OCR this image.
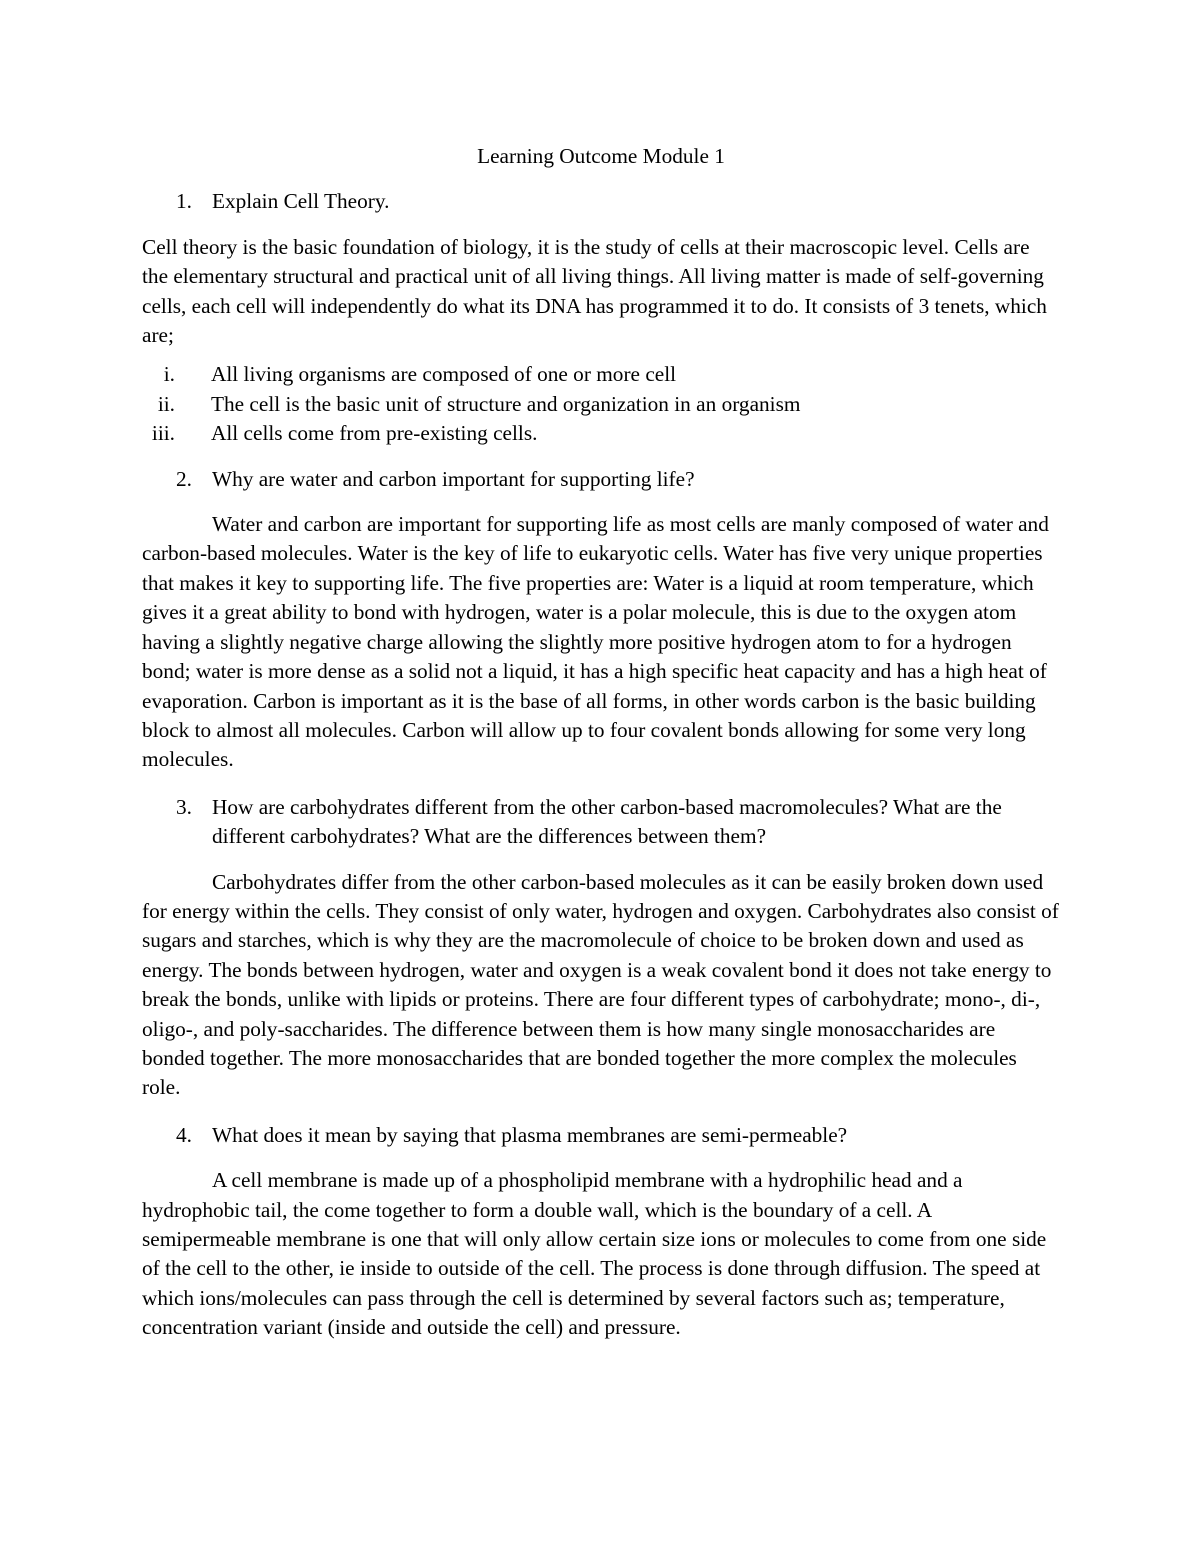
Learning Outcome Module 1
1. Explain Cell Theory.

Cell theory is the basic foundation of biology, it is the study of cells at their macroscopic level. Cells are the elementary structural and practical unit of all living things. All living matter is made of self-governing cells, each cell will independently do what its DNA has programmed it to do. It consists of 3 tenets, which are;

i.	All living organisms are composed of one or more cell
ii.	The cell is the basic unit of structure and organization in an organism
iii.	All cells come from pre-existing cells.
2. Why are water and carbon important for supporting life?

Water and carbon are important for supporting life as most cells are manly composed of water and carbon-based molecules. Water is the key of life to eukaryotic cells. Water has five very unique properties that makes it key to supporting life. The five properties are: Water is a liquid at room temperature, which gives it a great ability to bond with hydrogen, water is a polar molecule, this is due to the oxygen atom having a slightly negative charge allowing the slightly more positive hydrogen atom to for a hydrogen bond; water is more dense as a solid not a liquid, it has a high specific heat capacity and has a high heat of evaporation. Carbon is important as it is the base of all forms, in other words carbon is the basic building block to almost all molecules. Carbon will allow up to four covalent bonds allowing for some very long molecules.

3. How are carbohydrates different from the other carbon-based macromolecules? What are the different carbohydrates? What are the differences between them?

Carbohydrates differ from the other carbon-based molecules as it can be easily broken down used for energy within the cells. They consist of only water, hydrogen and oxygen. Carbohydrates also consist of sugars and starches, which is why they are the macromolecule of choice to be broken down and used as energy. The bonds between hydrogen, water and oxygen is a weak covalent bond it does not take energy to break the bonds, unlike with lipids or proteins. There are four different types of carbohydrate; mono-, di-, oligo-, and poly-saccharides. The difference between them is how many single monosaccharides are bonded together. The more monosaccharides that are bonded together the more complex the molecules role.

4. What does it mean by saying that plasma membranes are semi-permeable?

A cell membrane is made up of a phospholipid membrane with a hydrophilic head and a hydrophobic tail, the come together to form a double wall, which is the boundary of a cell. A semipermeable membrane is one that will only allow certain size ions or molecules to come from one side of the cell to the other, ie inside to outside of the cell. The process is done through diffusion. The speed at which ions/molecules can pass through the cell is determined by several factors such as; temperature, concentration variant (inside and outside the cell) and pressure.
